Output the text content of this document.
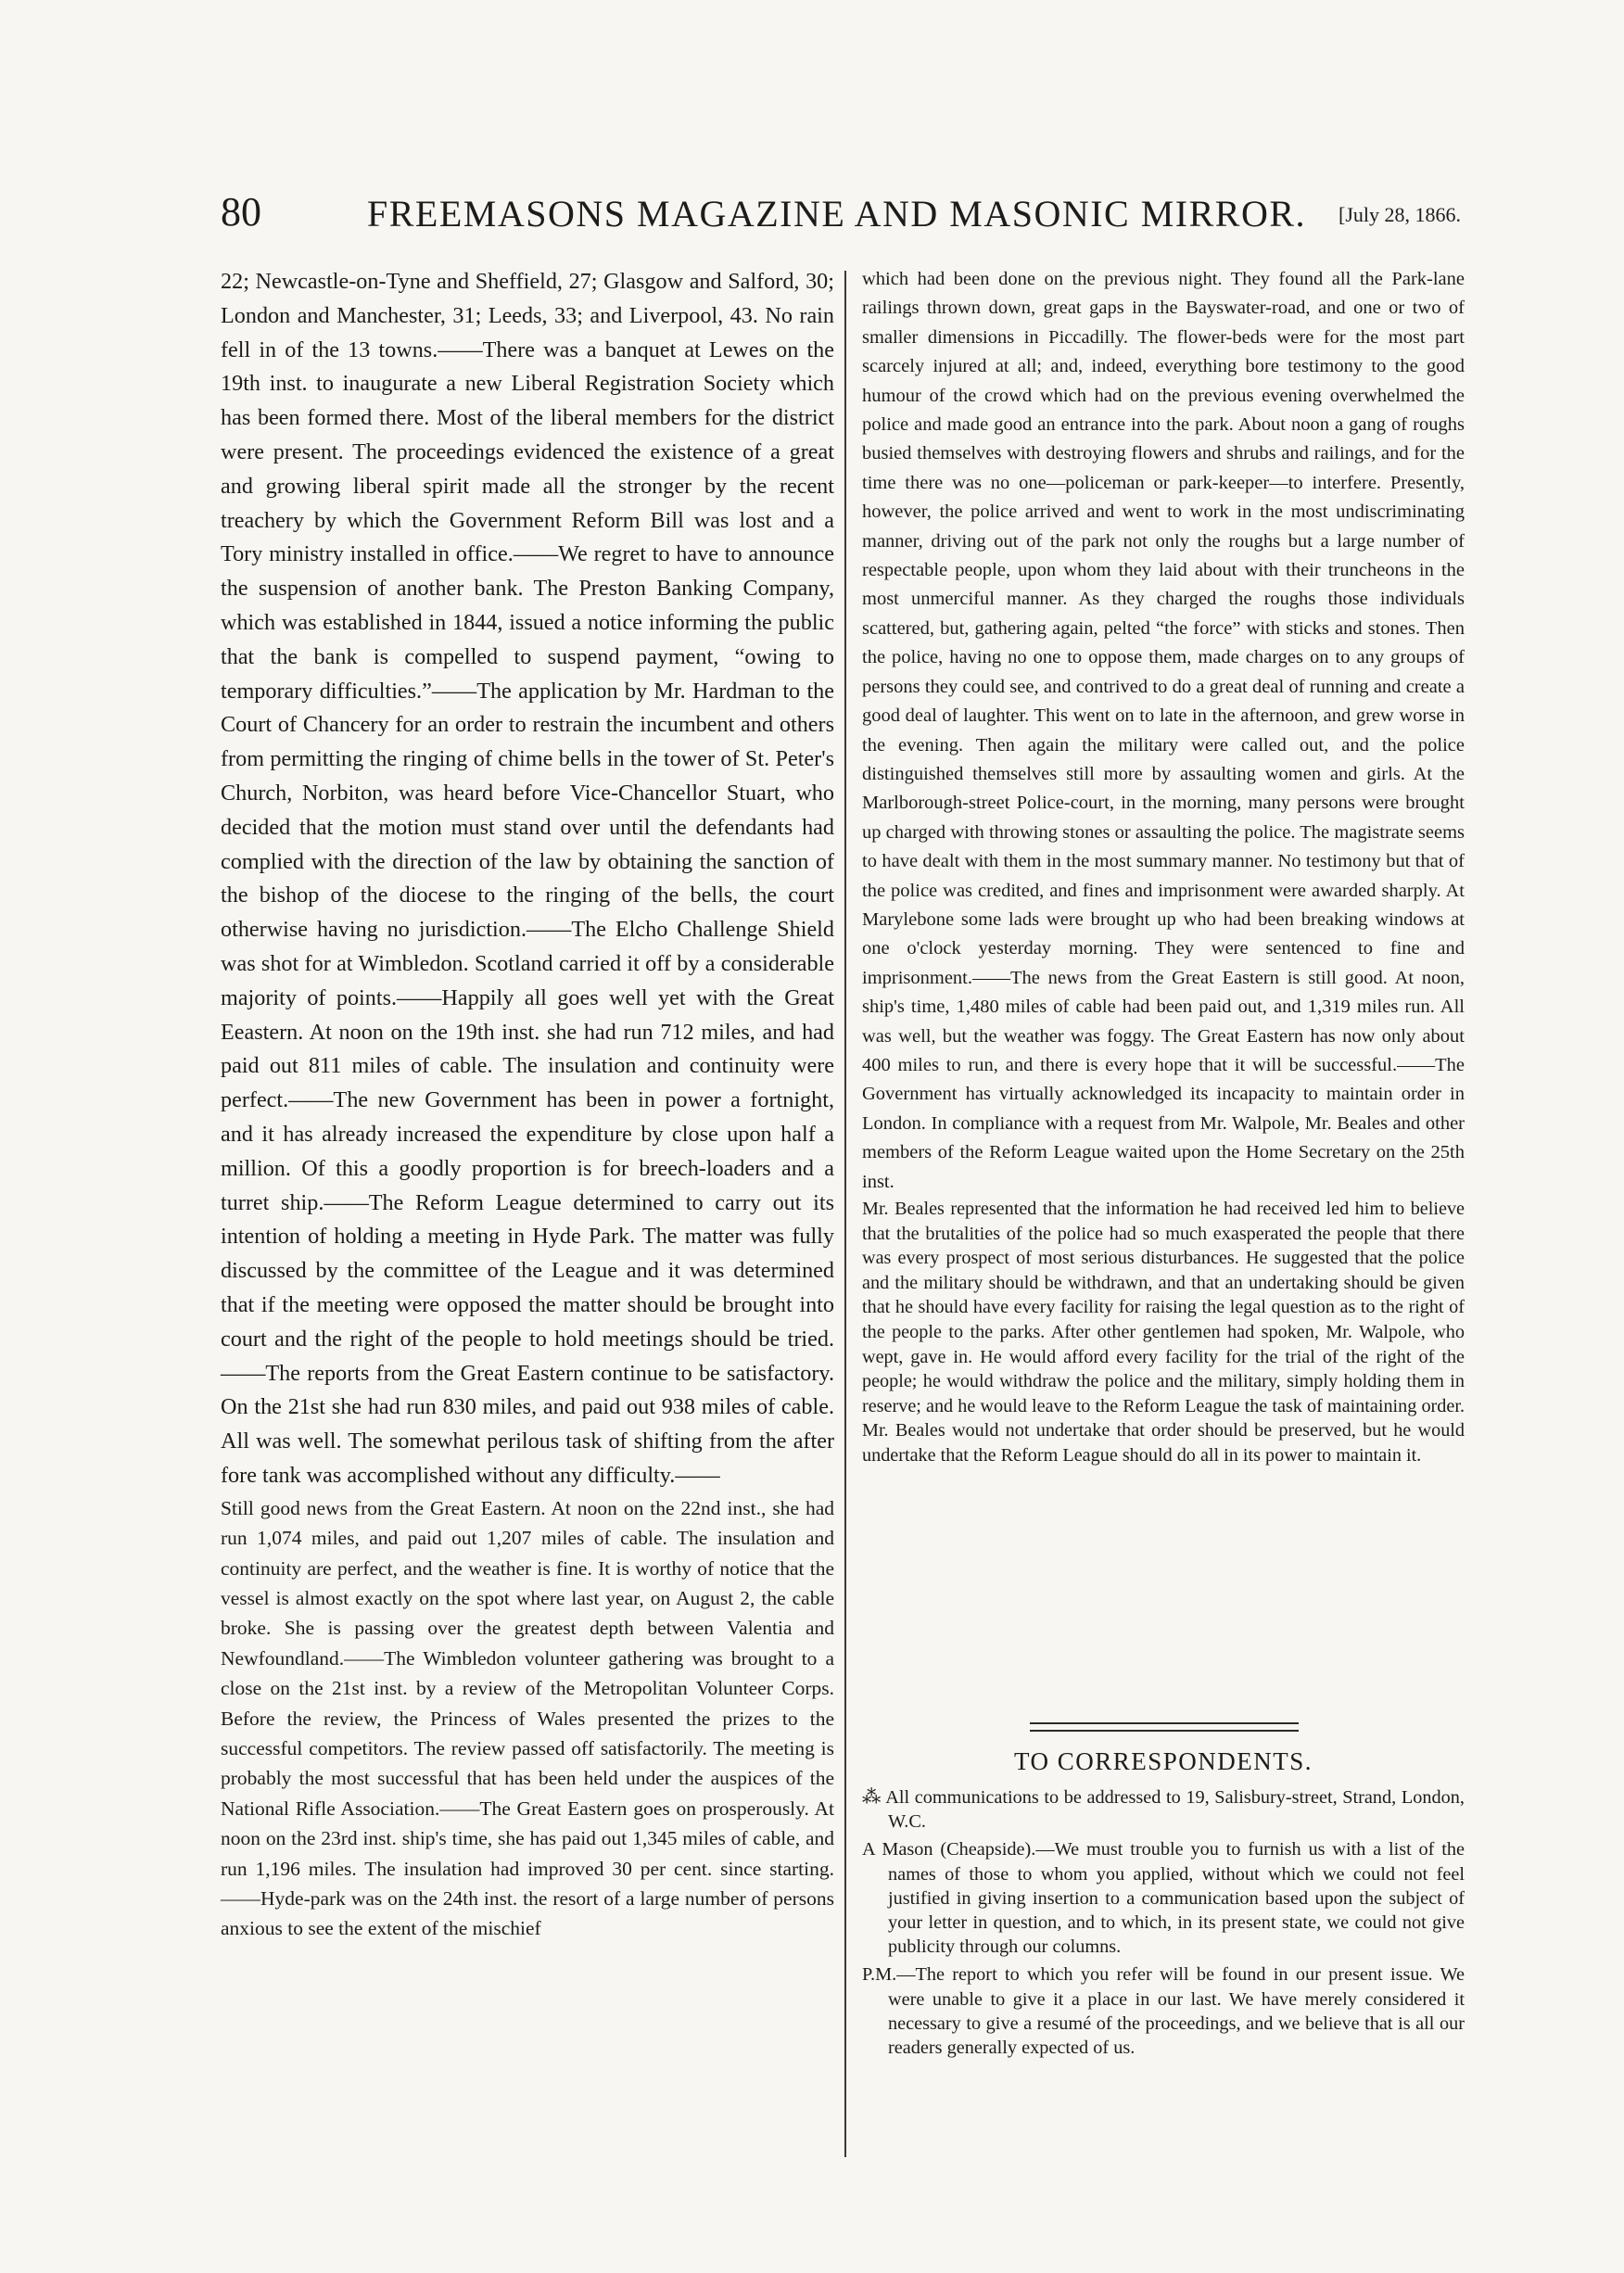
80	FREEMASONS MAGAZINE AND MASONIC MIRROR.	[July 28, 1866.

22; Newcastle-on-Tyne and Sheffield, 27; Glasgow and Salford, 30; London and Manchester, 31; Leeds, 33; and Liverpool, 43. No rain fell in of the 13 towns.——There was a banquet at Lewes on the 19th inst. to inaugurate a new Liberal Registration Society which has been formed there. Most of the liberal members for the district were present. The proceedings evidenced the existence of a great and growing liberal spirit made all the stronger by the recent treachery by which the Government Reform Bill was lost and a Tory ministry installed in office.——We regret to have to announce the suspension of another bank. The Preston Banking Company, which was established in 1844, issued a notice informing the public that the bank is compelled to suspend payment, “owing to temporary difficulties.”——The application by Mr. Hardman to the Court of Chancery for an order to restrain the incumbent and others from permitting the ringing of chime bells in the tower of St. Peter's Church, Norbiton, was heard before Vice-Chancellor Stuart, who decided that the motion must stand over until the defendants had complied with the direction of the law by obtaining the sanction of the bishop of the diocese to the ringing of the bells, the court otherwise having no jurisdiction.——The Elcho Challenge Shield was shot for at Wimbledon. Scotland carried it off by a considerable majority of points.——Happily all goes well yet with the Great Eeastern. At noon on the 19th inst. she had run 712 miles, and had paid out 811 miles of cable. The insulation and continuity were perfect.——The new Government has been in power a fortnight, and it has already increased the expenditure by close upon half a million. Of this a goodly proportion is for breech-loaders and a turret ship.——The Reform League determined to carry out its intention of holding a meeting in Hyde Park. The matter was fully discussed by the committee of the League and it was determined that if the meeting were opposed the matter should be brought into court and the right of the people to hold meetings should be tried.——The reports from the Great Eastern continue to be satisfactory. On the 21st she had run 830 miles, and paid out 938 miles of cable. All was well. The somewhat perilous task of shifting from the after fore tank was accomplished without any difficulty.——

Still good news from the Great Eastern. At noon on the 22nd inst., she had run 1,074 miles, and paid out 1,207 miles of cable. The insulation and continuity are perfect, and the weather is fine. It is worthy of notice that the vessel is almost exactly on the spot where last year, on August 2, the cable broke. She is passing over the greatest depth between Valentia and Newfoundland.——The Wimbledon volunteer gathering was brought to a close on the 21st inst. by a review of the Metropolitan Volunteer Corps. Before the review, the Princess of Wales presented the prizes to the successful competitors. The review passed off satisfactorily. The meeting is probably the most successful that has been held under the auspices of the National Rifle Association.——The Great Eastern goes on prosperously. At noon on the 23rd inst. ship's time, she has paid out 1,345 miles of cable, and run 1,196 miles. The insulation had improved 30 per cent. since starting.——Hyde-park was on the 24th inst. the resort of a large number of persons anxious to see the extent of the mischief

which had been done on the previous night. They found all the Park-lane railings thrown down, great gaps in the Bayswater-road, and one or two of smaller dimensions in Piccadilly. The flower-beds were for the most part scarcely injured at all; and, indeed, everything bore testimony to the good humour of the crowd which had on the previous evening overwhelmed the police and made good an entrance into the park. About noon a gang of roughs busied themselves with destroying flowers and shrubs and railings, and for the time there was no one—policeman or park-keeper—to interfere. Presently, however, the police arrived and went to work in the most undiscriminating manner, driving out of the park not only the roughs but a large number of respectable people, upon whom they laid about with their truncheons in the most unmerciful manner. As they charged the roughs those individuals scattered, but, gathering again, pelted “the force” with sticks and stones. Then the police, having no one to oppose them, made charges on to any groups of persons they could see, and contrived to do a great deal of running and create a good deal of laughter. This went on to late in the afternoon, and grew worse in the evening. Then again the military were called out, and the police distinguished themselves still more by assaulting women and girls. At the Marlborough-street Police-court, in the morning, many persons were brought up charged with throwing stones or assaulting the police. The magistrate seems to have dealt with them in the most summary manner. No testimony but that of the police was credited, and fines and imprisonment were awarded sharply. At Marylebone some lads were brought up who had been breaking windows at one o'clock yesterday morning. They were sentenced to fine and imprisonment.——The news from the Great Eastern is still good. At noon, ship's time, 1,480 miles of cable had been paid out, and 1,319 miles run. All was well, but the weather was foggy. The Great Eastern has now only about 400 miles to run, and there is every hope that it will be successful.——The Government has virtually acknowledged its incapacity to maintain order in London. In compliance with a request from Mr. Walpole, Mr. Beales and other members of the Reform League waited upon the Home Secretary on the 25th inst.

Mr. Beales represented that the information he had received led him to believe that the brutalities of the police had so much exasperated the people that there was every prospect of most serious disturbances. He suggested that the police and the military should be withdrawn, and that an undertaking should be given that he should have every facility for raising the legal question as to the right of the people to the parks. After other gentlemen had spoken, Mr. Walpole, who wept, gave in. He would afford every facility for the trial of the right of the people; he would withdraw the police and the military, simply holding them in reserve; and he would leave to the Reform League the task of maintaining order. Mr. Beales would not undertake that order should be preserved, but he would undertake that the Reform League should do all in its power to maintain it.

TO CORRESPONDENTS.

⁂ All communications to be addressed to 19, Salisbury-street, Strand, London, W.C.

A Mason (Cheapside).—We must trouble you to furnish us with a list of the names of those to whom you applied, without which we could not feel justified in giving insertion to a communication based upon the subject of your letter in question, and to which, in its present state, we could not give publicity through our columns.

P.M.—The report to which you refer will be found in our present issue. We were unable to give it a place in our last. We have merely considered it necessary to give a resumé of the proceedings, and we believe that is all our readers generally expected of us.
